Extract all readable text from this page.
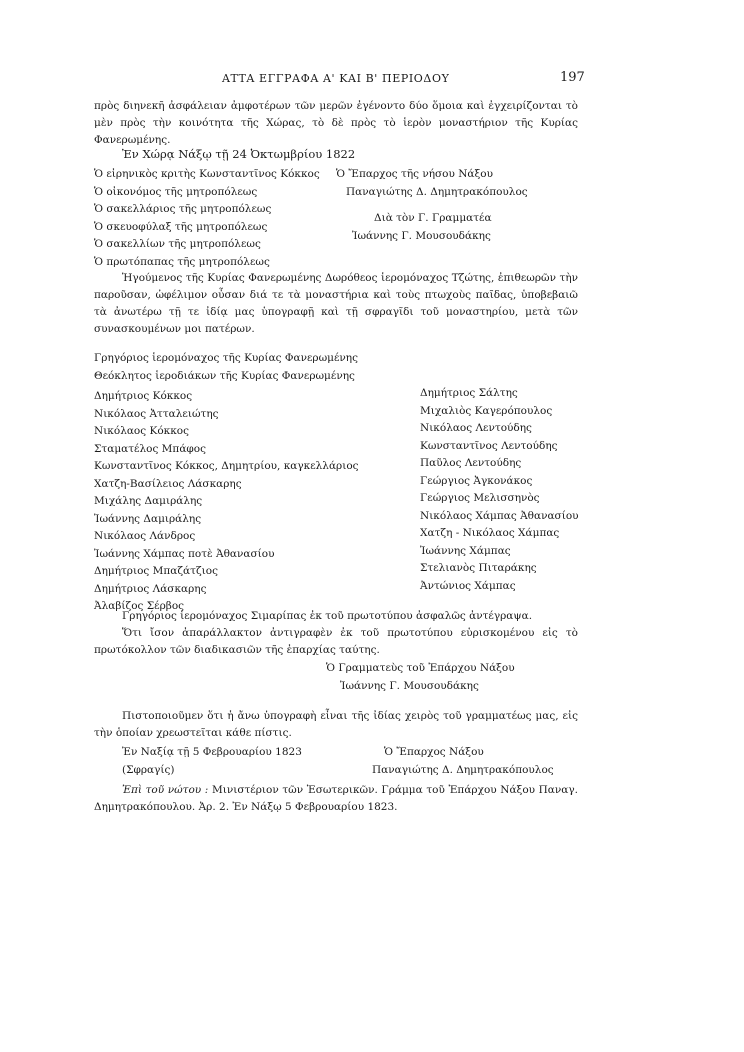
ΑΤΤΑ ΕΓΓΡΑΦΑ Α' ΚΑΙ Β' ΠΕΡΙΟΔΟΥ	197
πρὸς διηνεκῆ ἀσφάλειαν ἀμφοτέρων τῶν μερῶν ἐγένοντο δύο ὅμοια καὶ ἐγχειρίζονται τὸ μὲν πρὸς τὴν κοινότητα τῆς Χώρας, τὸ δὲ πρὸς τὸ ἱερὸν μοναστήριον τῆς Κυρίας Φανερωμένης.
Ἐν Χώρᾳ Νάξῳ τῇ 24 Ὀκτωμβρίου 1822
Ὁ εἰρηνικὸς κριτὴς Κωνσταντῖνος Κόκκος
Ὁ οἰκονόμος τῆς μητροπόλεως
Ὁ σακελλάριος τῆς μητροπόλεως
Ὁ σκευοφύλαξ τῆς μητροπόλεως
Ὁ σακελλίων τῆς μητροπόλεως
Ὁ πρωτόπαπας τῆς μητροπόλεως
Ὁ Ἔπαρχος τῆς νήσου Νάξου
Παναγιώτης Δ. Δημητρακόπουλος
Διὰ τὸν Γ. Γραμματέα
Ἰωάννης Γ. Μουσουδάκης
Ἡγούμενος τῆς Κυρίας Φανερωμένης Δωρόθεος ἱερομόναχος Τζώτης, ἐπιθεωρῶν τὴν παροῦσαν, ὠφέλιμον οὖσαν διά τε τὰ μοναστήρια καὶ τοὺς πτωχοὺς παῖδας, ὑποβεβαιῶ τὰ ἀνωτέρω τῇ τε ἰδίᾳ μας ὑπογραφῇ καὶ τῇ σφραγῖδι τοῦ μοναστηρίου, μετὰ τῶν συνασκουμένων μοι πατέρων.
Γρηγόριος ἱερομόναχος τῆς Κυρίας Φανερωμένης
Θεόκλητος ἱεροδιάκων τῆς Κυρίας Φανερωμένης
Δημήτριος Κόκκος
Νικόλαος Ἀτταλειώτης
Νικόλαος Κόκκος
Σταματέλος Μπάφος
Κωνσταντῖνος Κόκκος, Δημητρίου, καγκελλάριος
Χατζη-Βασίλειος Λάσκαρης
Μιχάλης Δαμιράλης
Ἰωάννης Δαμιράλης
Νικόλαος Λάνδρος
Ἰωάννης Χάμπας ποτὲ Ἀθανασίου
Δημήτριος Μπαζάτζιος
Δημήτριος Λάσκαρης
Ἀλαβίζος Σέρβος
Δημήτριος Σάλτης
Μιχαλιὸς Καγερόπουλος
Νικόλαος Λεντούδης
Κωνσταντῖνος Λεντούδης
Παῦλος Λεντούδης
Γεώργιος Ἀγκονάκος
Γεώργιος Μελισσηνὸς
Νικόλαος Χάμπας Ἀθανασίου
Χατζη - Νικόλαος Χάμπας
Ἰωάννης Χάμπας
Στελιανὸς Πιταράκης
Ἀντώνιος Χάμπας
Γρηγόριος ἱερομόναχος Σιμαρίπας ἐκ τοῦ πρωτοτύπου ἀσφαλῶς ἀντέγραψα.
Ὅτι ἴσον ἀπαράλλακτον ἀντιγραφὲν ἐκ τοῦ πρωτοτύπου εὑρισκομένου εἰς τὸ πρωτόκολλον τῶν διαδικασιῶν τῆς ἐπαρχίας ταύτης.
Ὁ Γραμματεὺς τοῦ Ἐπάρχου Νάξου
Ἰωάννης Γ. Μουσουδάκης
Πιστοποιοῦμεν ὅτι ἡ ἄνω ὑπογραφὴ εἶναι τῆς ἰδίας χειρὸς τοῦ γραμματέως μας, εἰς τὴν ὁποίαν χρεωστεῖται κάθε πίστις.
Ἐν Ναξίᾳ τῇ 5 Φεβρουαρίου 1823
(Σφραγίς)
Ὁ Ἔπαρχος Νάξου
Παναγιώτης Δ. Δημητρακόπουλος
Ἐπὶ τοῦ νώτου : Μινιστέριον τῶν Ἐσωτερικῶν. Γράμμα τοῦ Ἐπάρχου Νάξου Παναγ. Δημητρακόπουλου. Ἀρ. 2. Ἐν Νάξῳ 5 Φεβρουαρίου 1823.
